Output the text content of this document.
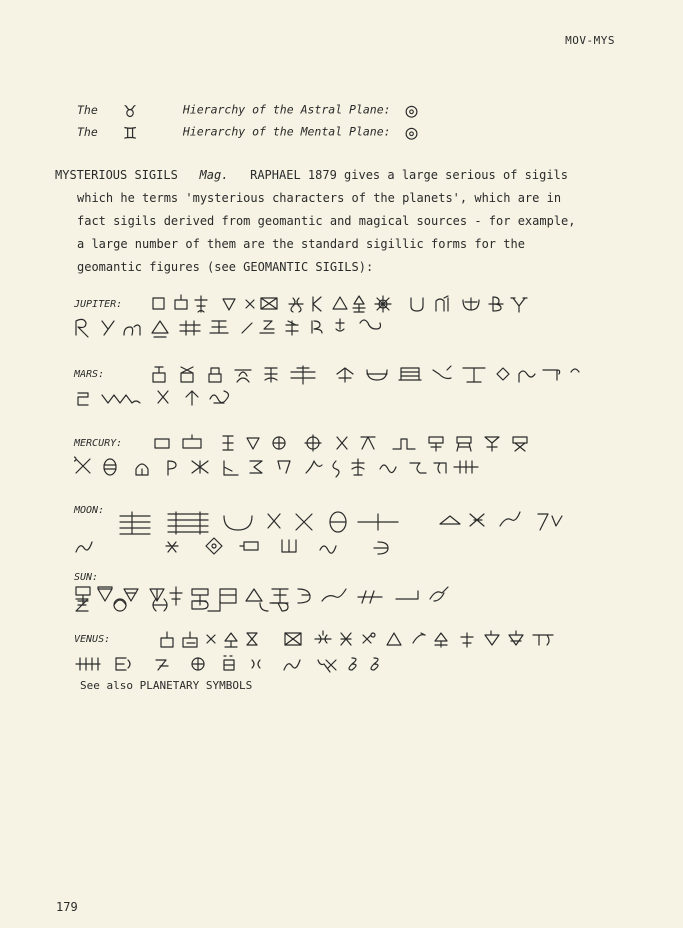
MOV-MYS
The ♉	Hierarchy of the Astral Plane: ◎
The ♊	Hierarchy of the Mental Plane: ◎
MYSTERIOUS SIGILS Mag. RAPHAEL 1879 gives a large serious of sigils
which he terms 'mysterious characters of the planets', which are in
fact sigils derived from geomantic and magical sources - for example,
a large number of them are the standard sigillic forms for the
geomantic figures (see GEOMANTIC SIGILS):
JUPITER:
MARS:
MERCURY:
MOON:
SUN:
VENUS:
See also PLANETARY SYMBOLS
179
